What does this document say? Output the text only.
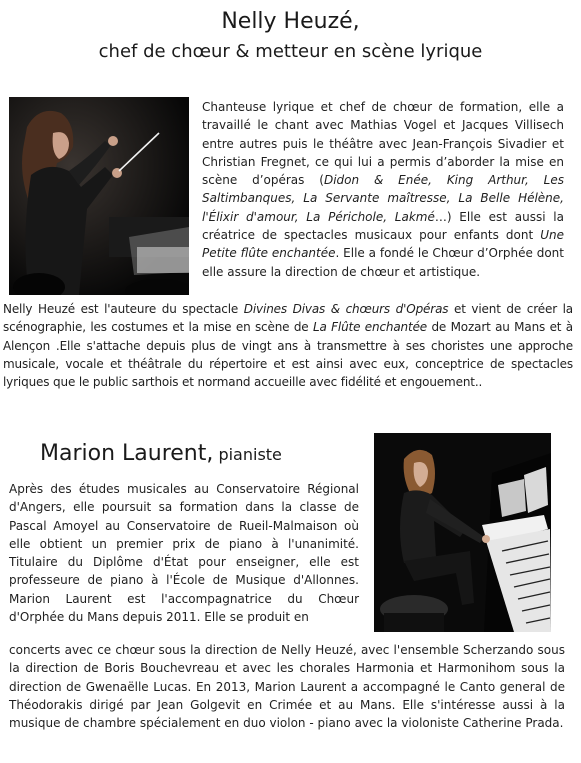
Nelly Heuzé,
chef de chœur & metteur en scène lyrique
Chanteuse lyrique et chef de chœur de formation, elle a travaillé le chant avec Mathias Vogel et Jacques Villisech entre autres puis le théâtre avec Jean-François Sivadier et Christian Fregnet, ce qui lui a permis d’aborder la mise en scène d’opéras (Didon & Enée, King Arthur, Les Saltimbanques, La Servante maîtresse, La Belle Hélène, l'Élixir d'amour, La Périchole, Lakmé…) Elle est aussi la créatrice de spectacles musicaux pour enfants dont Une Petite flûte enchantée. Elle a fondé le Chœur d’Orphée dont elle assure la direction de chœur et artistique.
Nelly Heuzé est l'auteure du spectacle Divines Divas & chœurs d'Opéras et vient de créer la scénographie, les costumes et la mise en scène de La Flûte enchantée de Mozart au Mans et à Alençon .Elle s'attache depuis plus de vingt ans à transmettre à ses choristes une approche musicale, vocale et théâtrale du répertoire et est ainsi avec eux, conceptrice de spectacles lyriques que le public sarthois et normand accueille avec fidélité et engouement..
Marion Laurent, pianiste
Après des études musicales au Conservatoire Régional d'Angers, elle poursuit sa formation dans la classe de Pascal Amoyel au Conservatoire de Rueil-Malmaison où elle obtient un premier prix de piano à l'unanimité. Titulaire du Diplôme d'État pour enseigner, elle est professeure de piano à l'École de Musique d'Allonnes. Marion Laurent est l'accompagnatrice du Chœur d'Orphée du Mans depuis 2011. Elle se produit en
concerts avec ce chœur sous la direction de Nelly Heuzé, avec l'ensemble Scherzando sous la direction de Boris Bouchevreau et avec les chorales Harmonia et Harmonihom sous la direction de Gwenaëlle Lucas. En 2013, Marion Laurent a accompagné le Canto general de Théodorakis dirigé par Jean Golgevit en Crimée et au Mans. Elle s'intéresse aussi à la musique de chambre spécialement en duo violon - piano avec la violoniste Catherine Prada.
